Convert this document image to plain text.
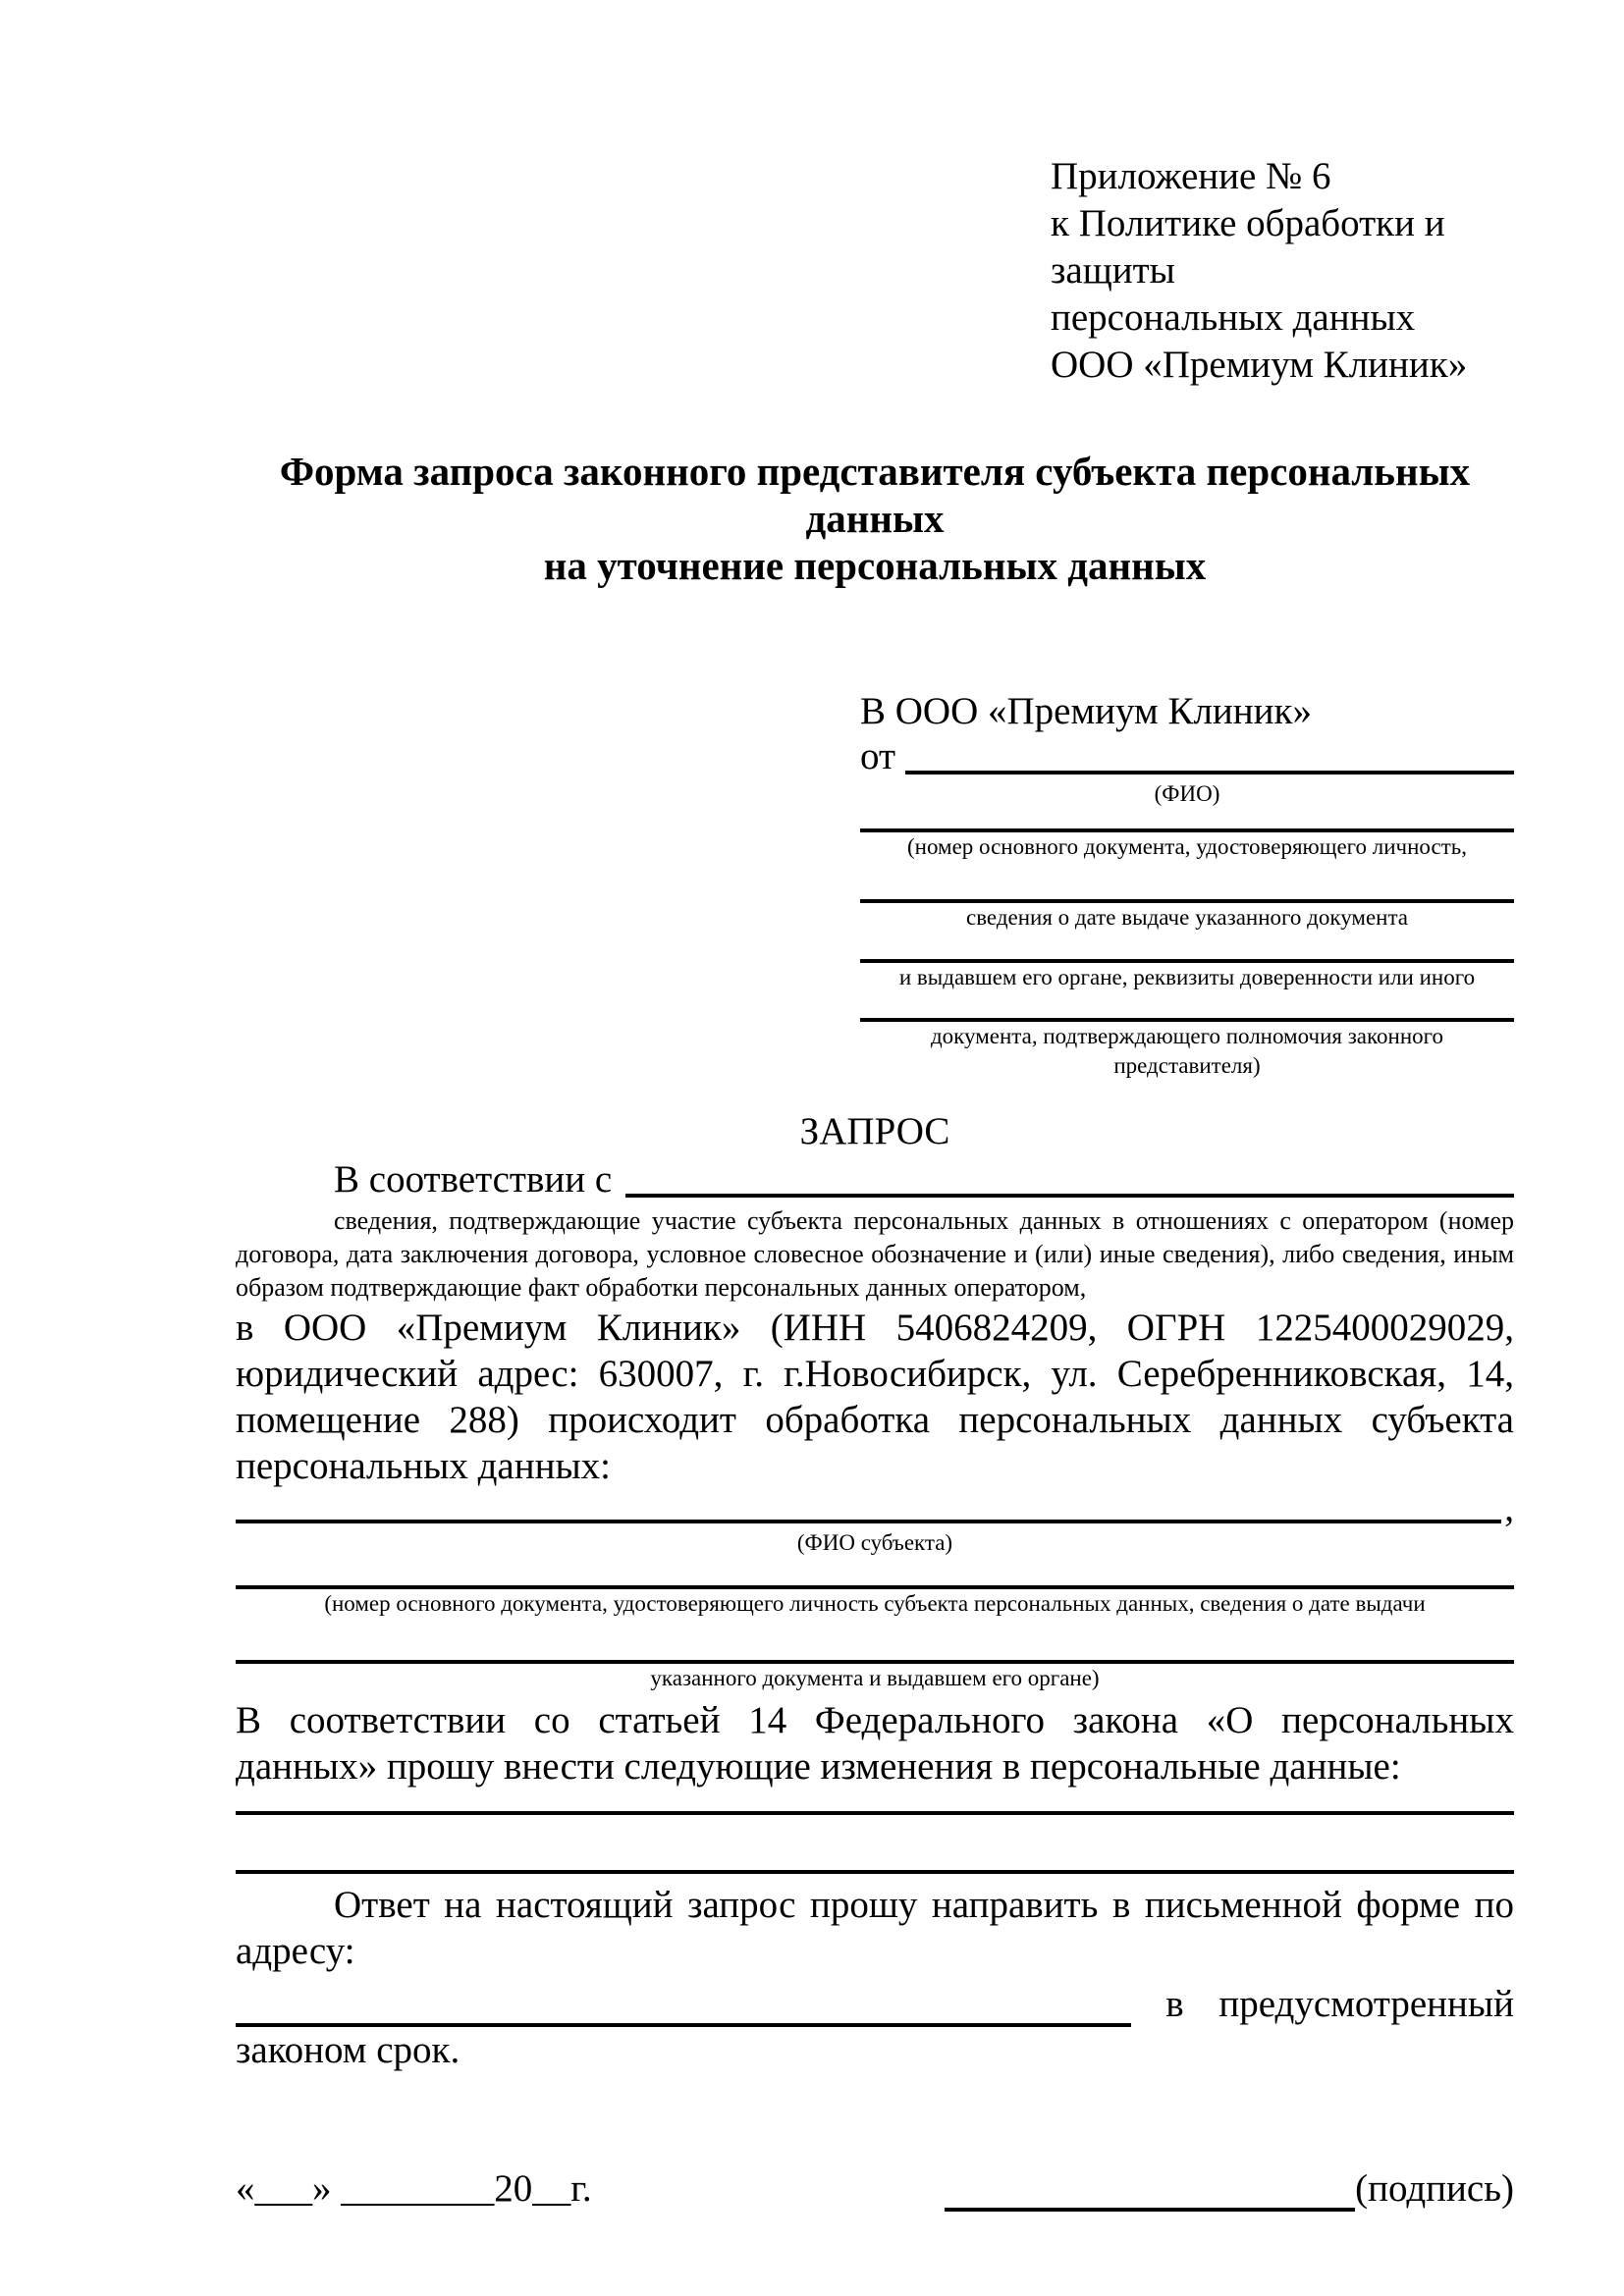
Приложение № 6
к Политике обработки и защиты
персональных данных
ООО «Премиум Клиник»
Форма запроса законного представителя субъекта персональных данных
на уточнение персональных данных
В ООО «Премиум Клиник»
от
(ФИО)
(номер основного документа, удостоверяющего личность,
сведения о дате выдаче указанного документа
и выдавшем его органе, реквизиты доверенности или иного
документа, подтверждающего полномочия законного представителя)
ЗАПРОС
В соответствии с
сведения, подтверждающие участие субъекта персональных данных в отношениях с оператором (номер договора, дата заключения договора, условное словесное обозначение и (или) иные сведения), либо сведения, иным образом подтверждающие факт обработки персональных данных оператором,
в ООО «Премиум Клиник» (ИНН 5406824209, ОГРН 1225400029029, юридический адрес: 630007, г. г.Новосибирск, ул. Серебренниковская, 14, помещение 288) происходит обработка персональных данных субъекта персональных данных:
,
(ФИО субъекта)
(номер основного документа, удостоверяющего личность субъекта персональных данных, сведения о дате выдачи
указанного документа и выдавшем его органе)
В соответствии со статьей 14 Федерального закона «О персональных данных» прошу внести следующие изменения в персональные данные:
Ответ на настоящий запрос прошу направить в письменной форме по адресу:
в предусмотренный
законом срок.
«___» ________20__г.	(подпись)
